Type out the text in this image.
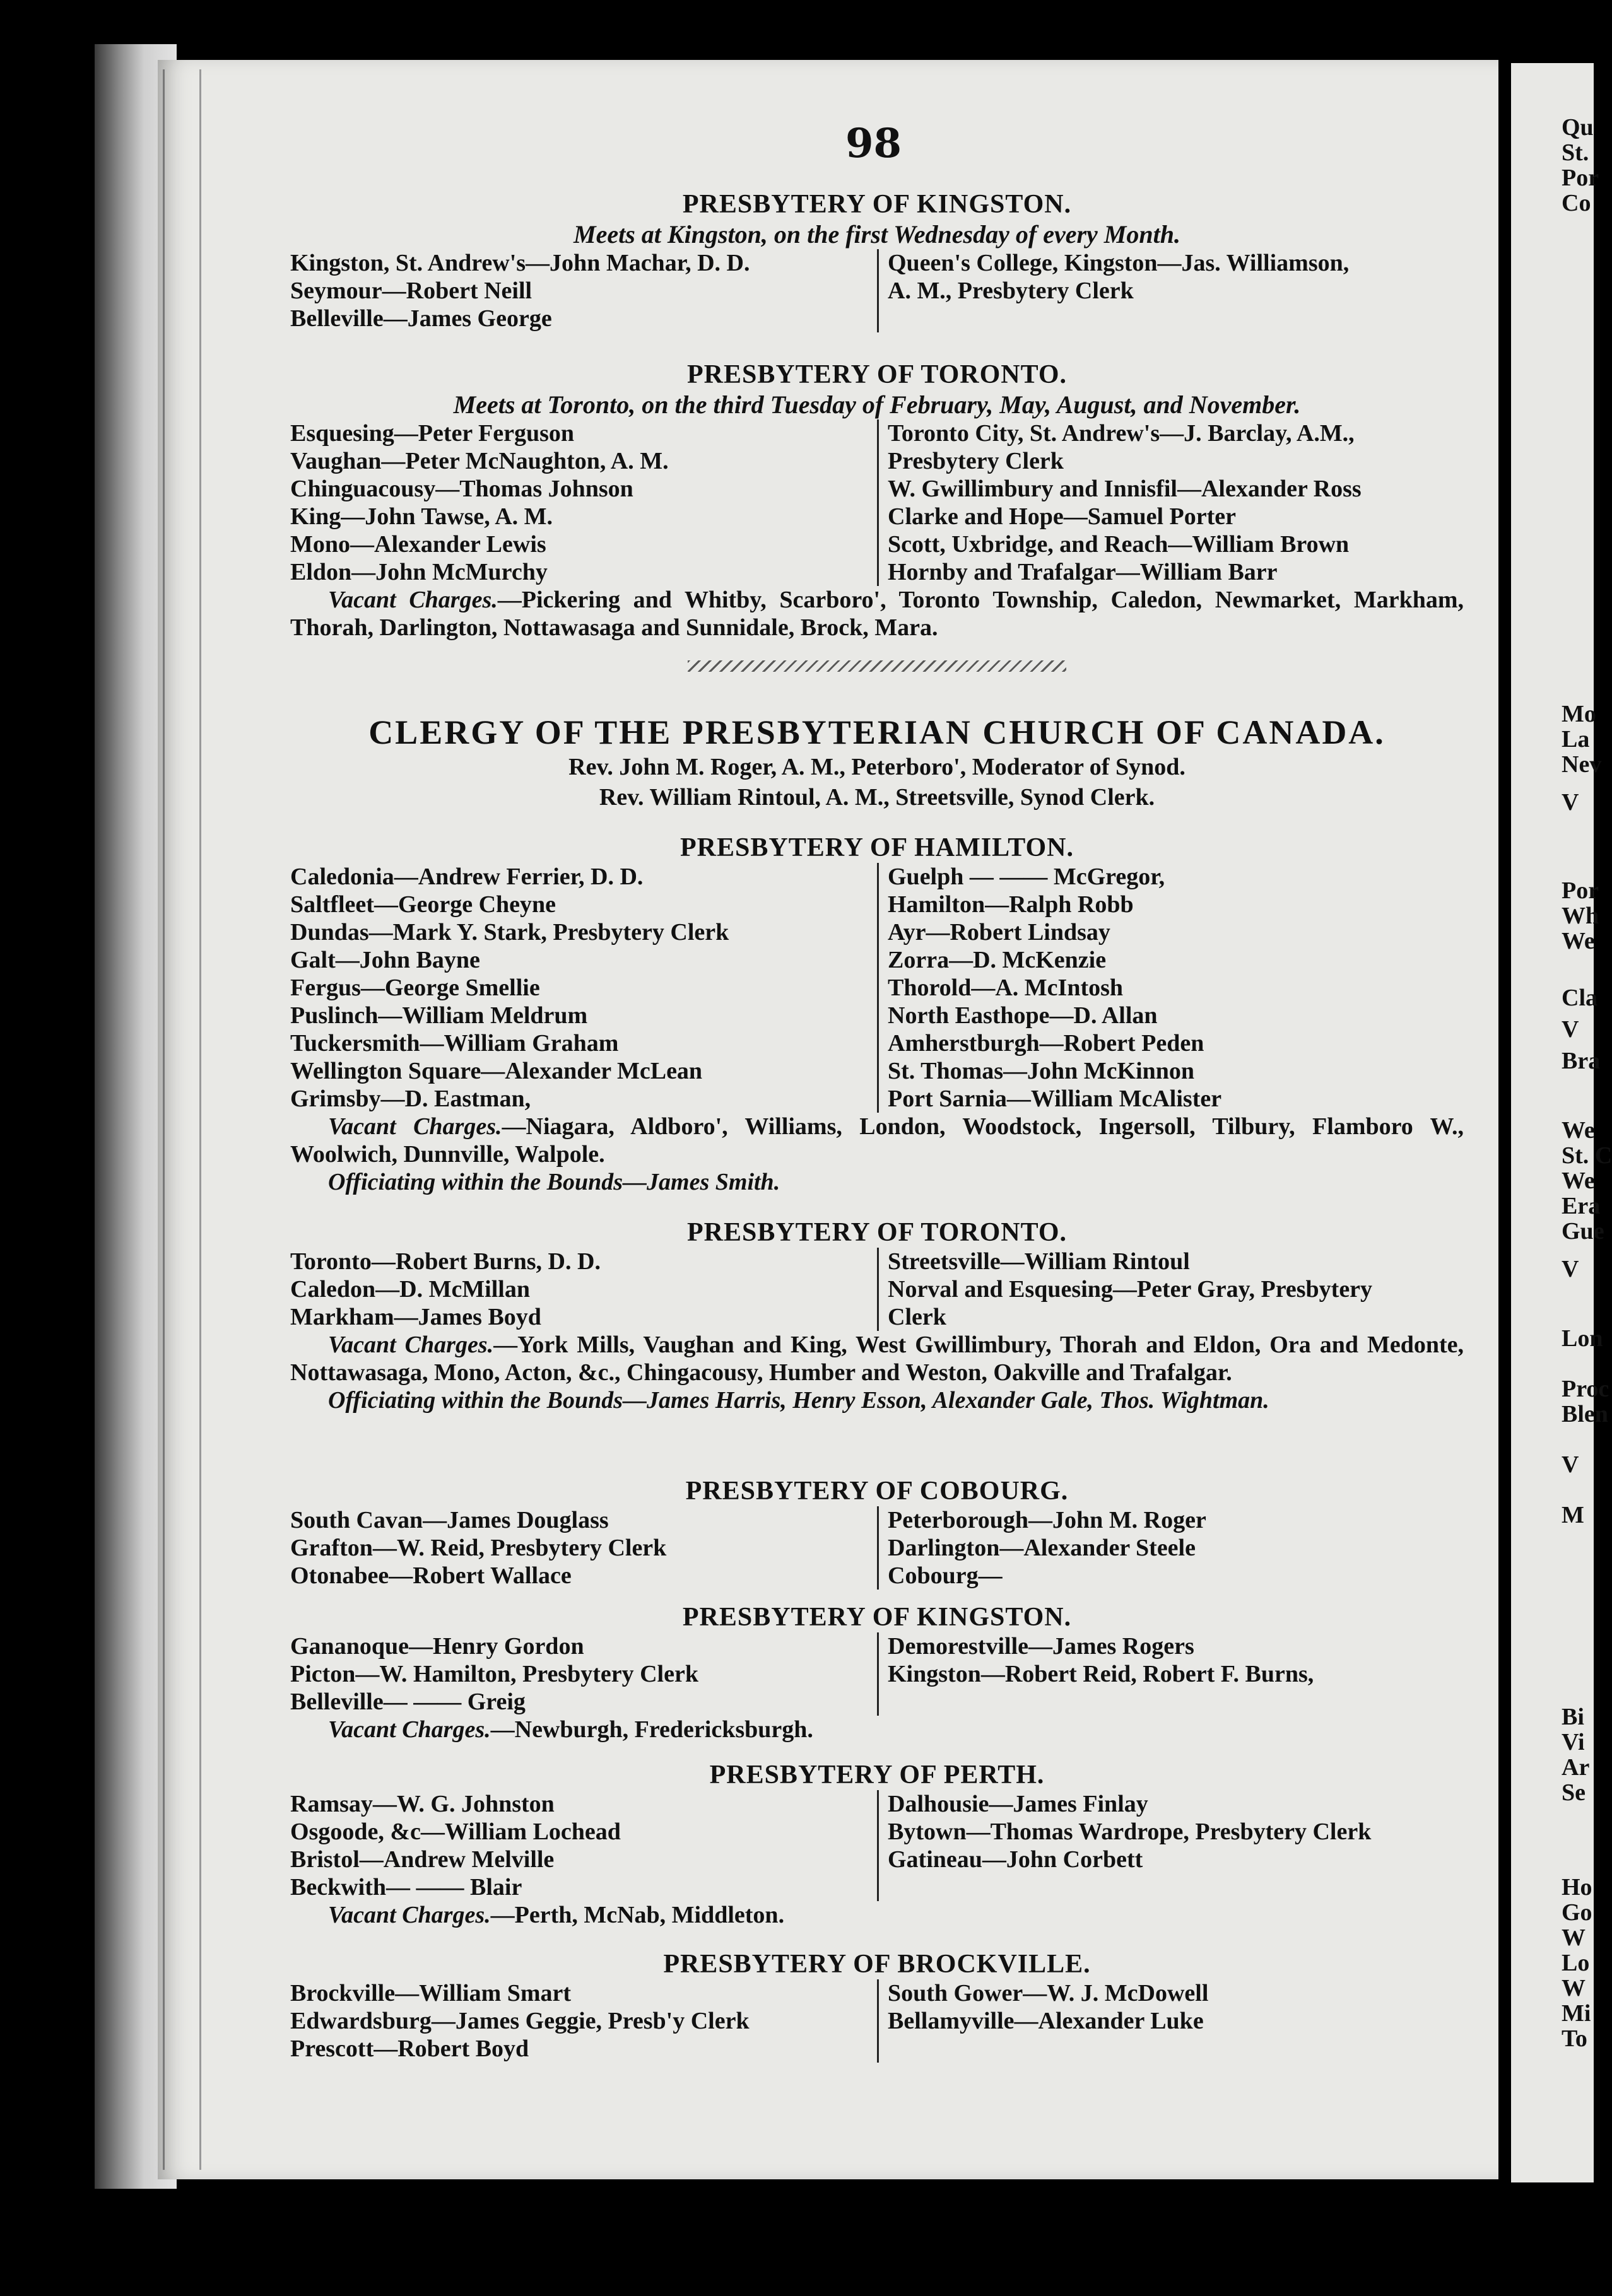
Qu
St.
Por
Co
Mo
La
Nev
V
Por
Wh
We
Cla
V
Bra
We
St. C
We
Era
Gue
V
Lon
Proc
Blen
V
M
Bi
Vi
Ar
Se
Ho
Go
W
Lo
W
Mi
To
98
PRESBYTERY OF KINGSTON.
Meets at Kingston, on the first Wednesday of every Month.
Kingston, St. Andrew's—John Machar, D. D.
Seymour—Robert Neill
Belleville—James George
Queen's College, Kingston—Jas. Williamson,
A. M., Presbytery Clerk
PRESBYTERY OF TORONTO.
Meets at Toronto, on the third Tuesday of February, May, August, and November.
Esquesing—Peter Ferguson
Vaughan—Peter McNaughton, A. M.
Chinguacousy—Thomas Johnson
King—John Tawse, A. M.
Mono—Alexander Lewis
Eldon—John McMurchy
Toronto City, St. Andrew's—J. Barclay, A.M.,
Presbytery Clerk
W. Gwillimbury and Innisfil—Alexander Ross
Clarke and Hope—Samuel Porter
Scott, Uxbridge, and Reach—William Brown
Hornby and Trafalgar—William Barr
Vacant Charges.—Pickering and Whitby, Scarboro', Toronto Township, Caledon, Newmarket, Markham, Thorah, Darlington, Nottawasaga and Sunnidale, Brock, Mara.
CLERGY OF THE PRESBYTERIAN CHURCH OF CANADA.
Rev. John M. Roger, A. M., Peterboro', Moderator of Synod.
Rev. William Rintoul, A. M., Streetsville, Synod Clerk.
PRESBYTERY OF HAMILTON.
Caledonia—Andrew Ferrier, D. D.
Saltfleet—George Cheyne
Dundas—Mark Y. Stark, Presbytery Clerk
Galt—John Bayne
Fergus—George Smellie
Puslinch—William Meldrum
Tuckersmith—William Graham
Wellington Square—Alexander McLean
Grimsby—D. Eastman,
Guelph — —— McGregor,
Hamilton—Ralph Robb
Ayr—Robert Lindsay
Zorra—D. McKenzie
Thorold—A. McIntosh
North Easthope—D. Allan
Amherstburgh—Robert Peden
St. Thomas—John McKinnon
Port Sarnia—William McAlister
Vacant Charges.—Niagara, Aldboro', Williams, London, Woodstock, Ingersoll, Tilbury, Flamboro W., Woolwich, Dunnville, Walpole.
Officiating within the Bounds—James Smith.
PRESBYTERY OF TORONTO.
Toronto—Robert Burns, D. D.
Caledon—D. McMillan
Markham—James Boyd
Streetsville—William Rintoul
Norval and Esquesing—Peter Gray, Presbytery
Clerk
Vacant Charges.—York Mills, Vaughan and King, West Gwillimbury, Thorah and Eldon, Ora and Medonte, Nottawasaga, Mono, Acton, &c., Chingacousy, Humber and Weston, Oakville and Trafalgar.
Officiating within the Bounds—James Harris, Henry Esson, Alexander Gale, Thos. Wightman.
PRESBYTERY OF COBOURG.
South Cavan—James Douglass
Grafton—W. Reid, Presbytery Clerk
Otonabee—Robert Wallace
Peterborough—John M. Roger
Darlington—Alexander Steele
Cobourg—
PRESBYTERY OF KINGSTON.
Gananoque—Henry Gordon
Picton—W. Hamilton, Presbytery Clerk
Belleville— —— Greig
Demorestville—James Rogers
Kingston—Robert Reid, Robert F. Burns,
Vacant Charges.—Newburgh, Fredericksburgh.
PRESBYTERY OF PERTH.
Ramsay—W. G. Johnston
Osgoode, &c—William Lochead
Bristol—Andrew Melville
Beckwith— —— Blair
Dalhousie—James Finlay
Bytown—Thomas Wardrope, Presbytery Clerk
Gatineau—John Corbett
Vacant Charges.—Perth, McNab, Middleton.
PRESBYTERY OF BROCKVILLE.
Brockville—William Smart
Edwardsburg—James Geggie, Presb'y Clerk
Prescott—Robert Boyd
South Gower—W. J. McDowell
Bellamyville—Alexander Luke
